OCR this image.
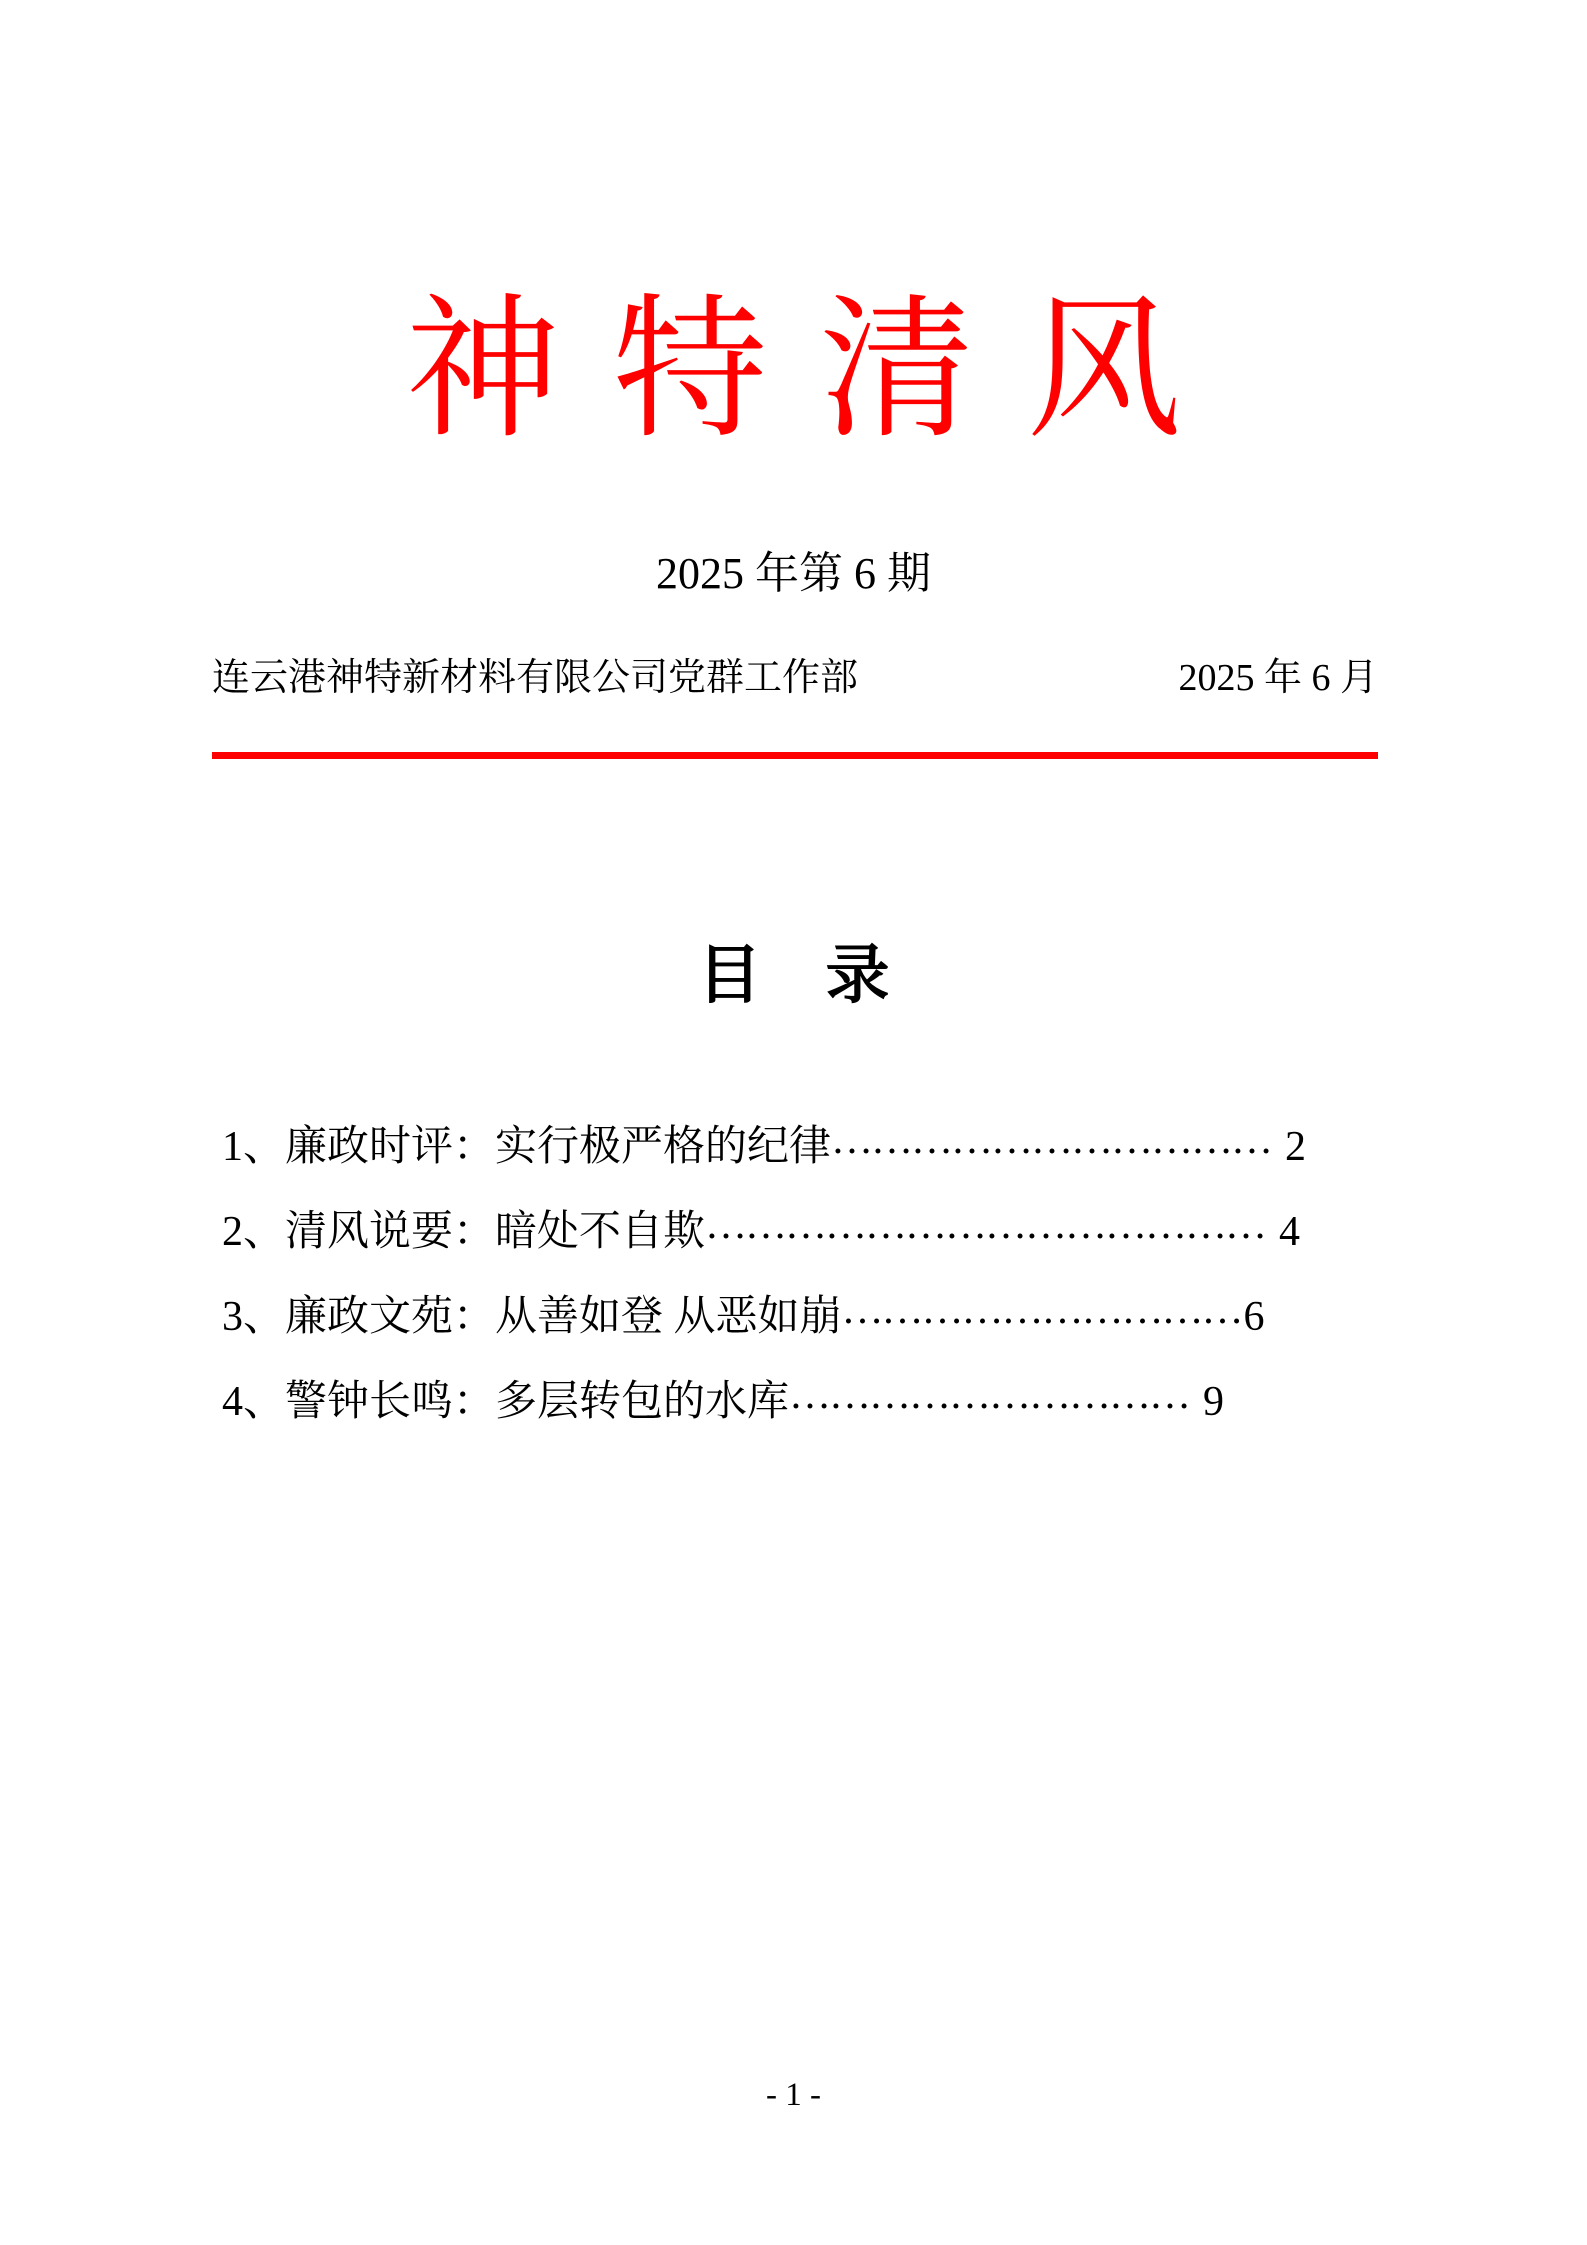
神特清风
2025 年第 6 期
连云港神特新材料有限公司党群工作部	2025 年 6 月
目　录
1、廉政时评：实行极严格的纪律 …………………………… 2
2、清风说要：暗处不自欺 …………………………………… 4
3、廉政文苑：从善如登 从恶如崩 ………………………… 6
4、警钟长鸣：多层转包的水库 ………………………… 9
- 1 -
